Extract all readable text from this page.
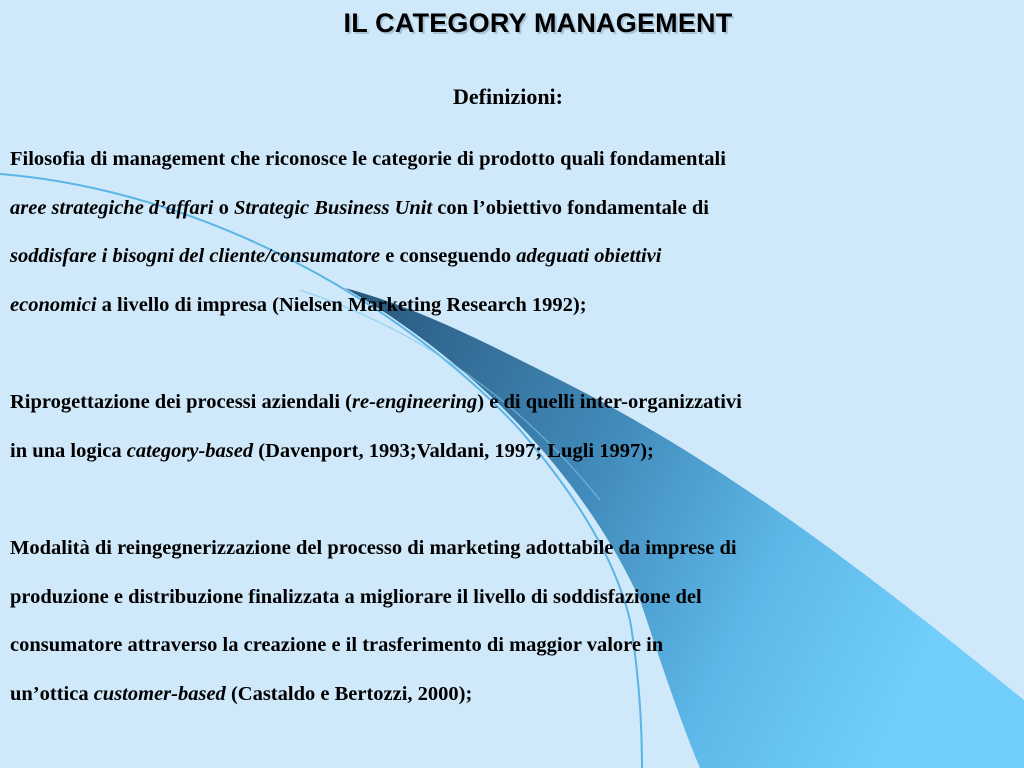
IL CATEGORY MANAGEMENT
Definizioni:
Filosofia di management che riconosce le categorie di prodotto quali fondamentali
aree strategiche d’affari o Strategic Business Unit con l’obiettivo fondamentale di
soddisfare i bisogni del cliente/consumatore e conseguendo adeguati obiettivi
economici a livello di impresa (Nielsen Marketing Research 1992);
Riprogettazione dei processi aziendali (re-engineering) e di quelli inter-organizzativi
in una logica category-based (Davenport, 1993;Valdani, 1997; Lugli 1997);
Modalità di reingegnerizzazione del processo di marketing adottabile da imprese di
produzione e distribuzione finalizzata a migliorare il livello di soddisfazione del
consumatore attraverso la creazione e il trasferimento di maggior valore in
un’ottica customer-based (Castaldo e Bertozzi, 2000);
